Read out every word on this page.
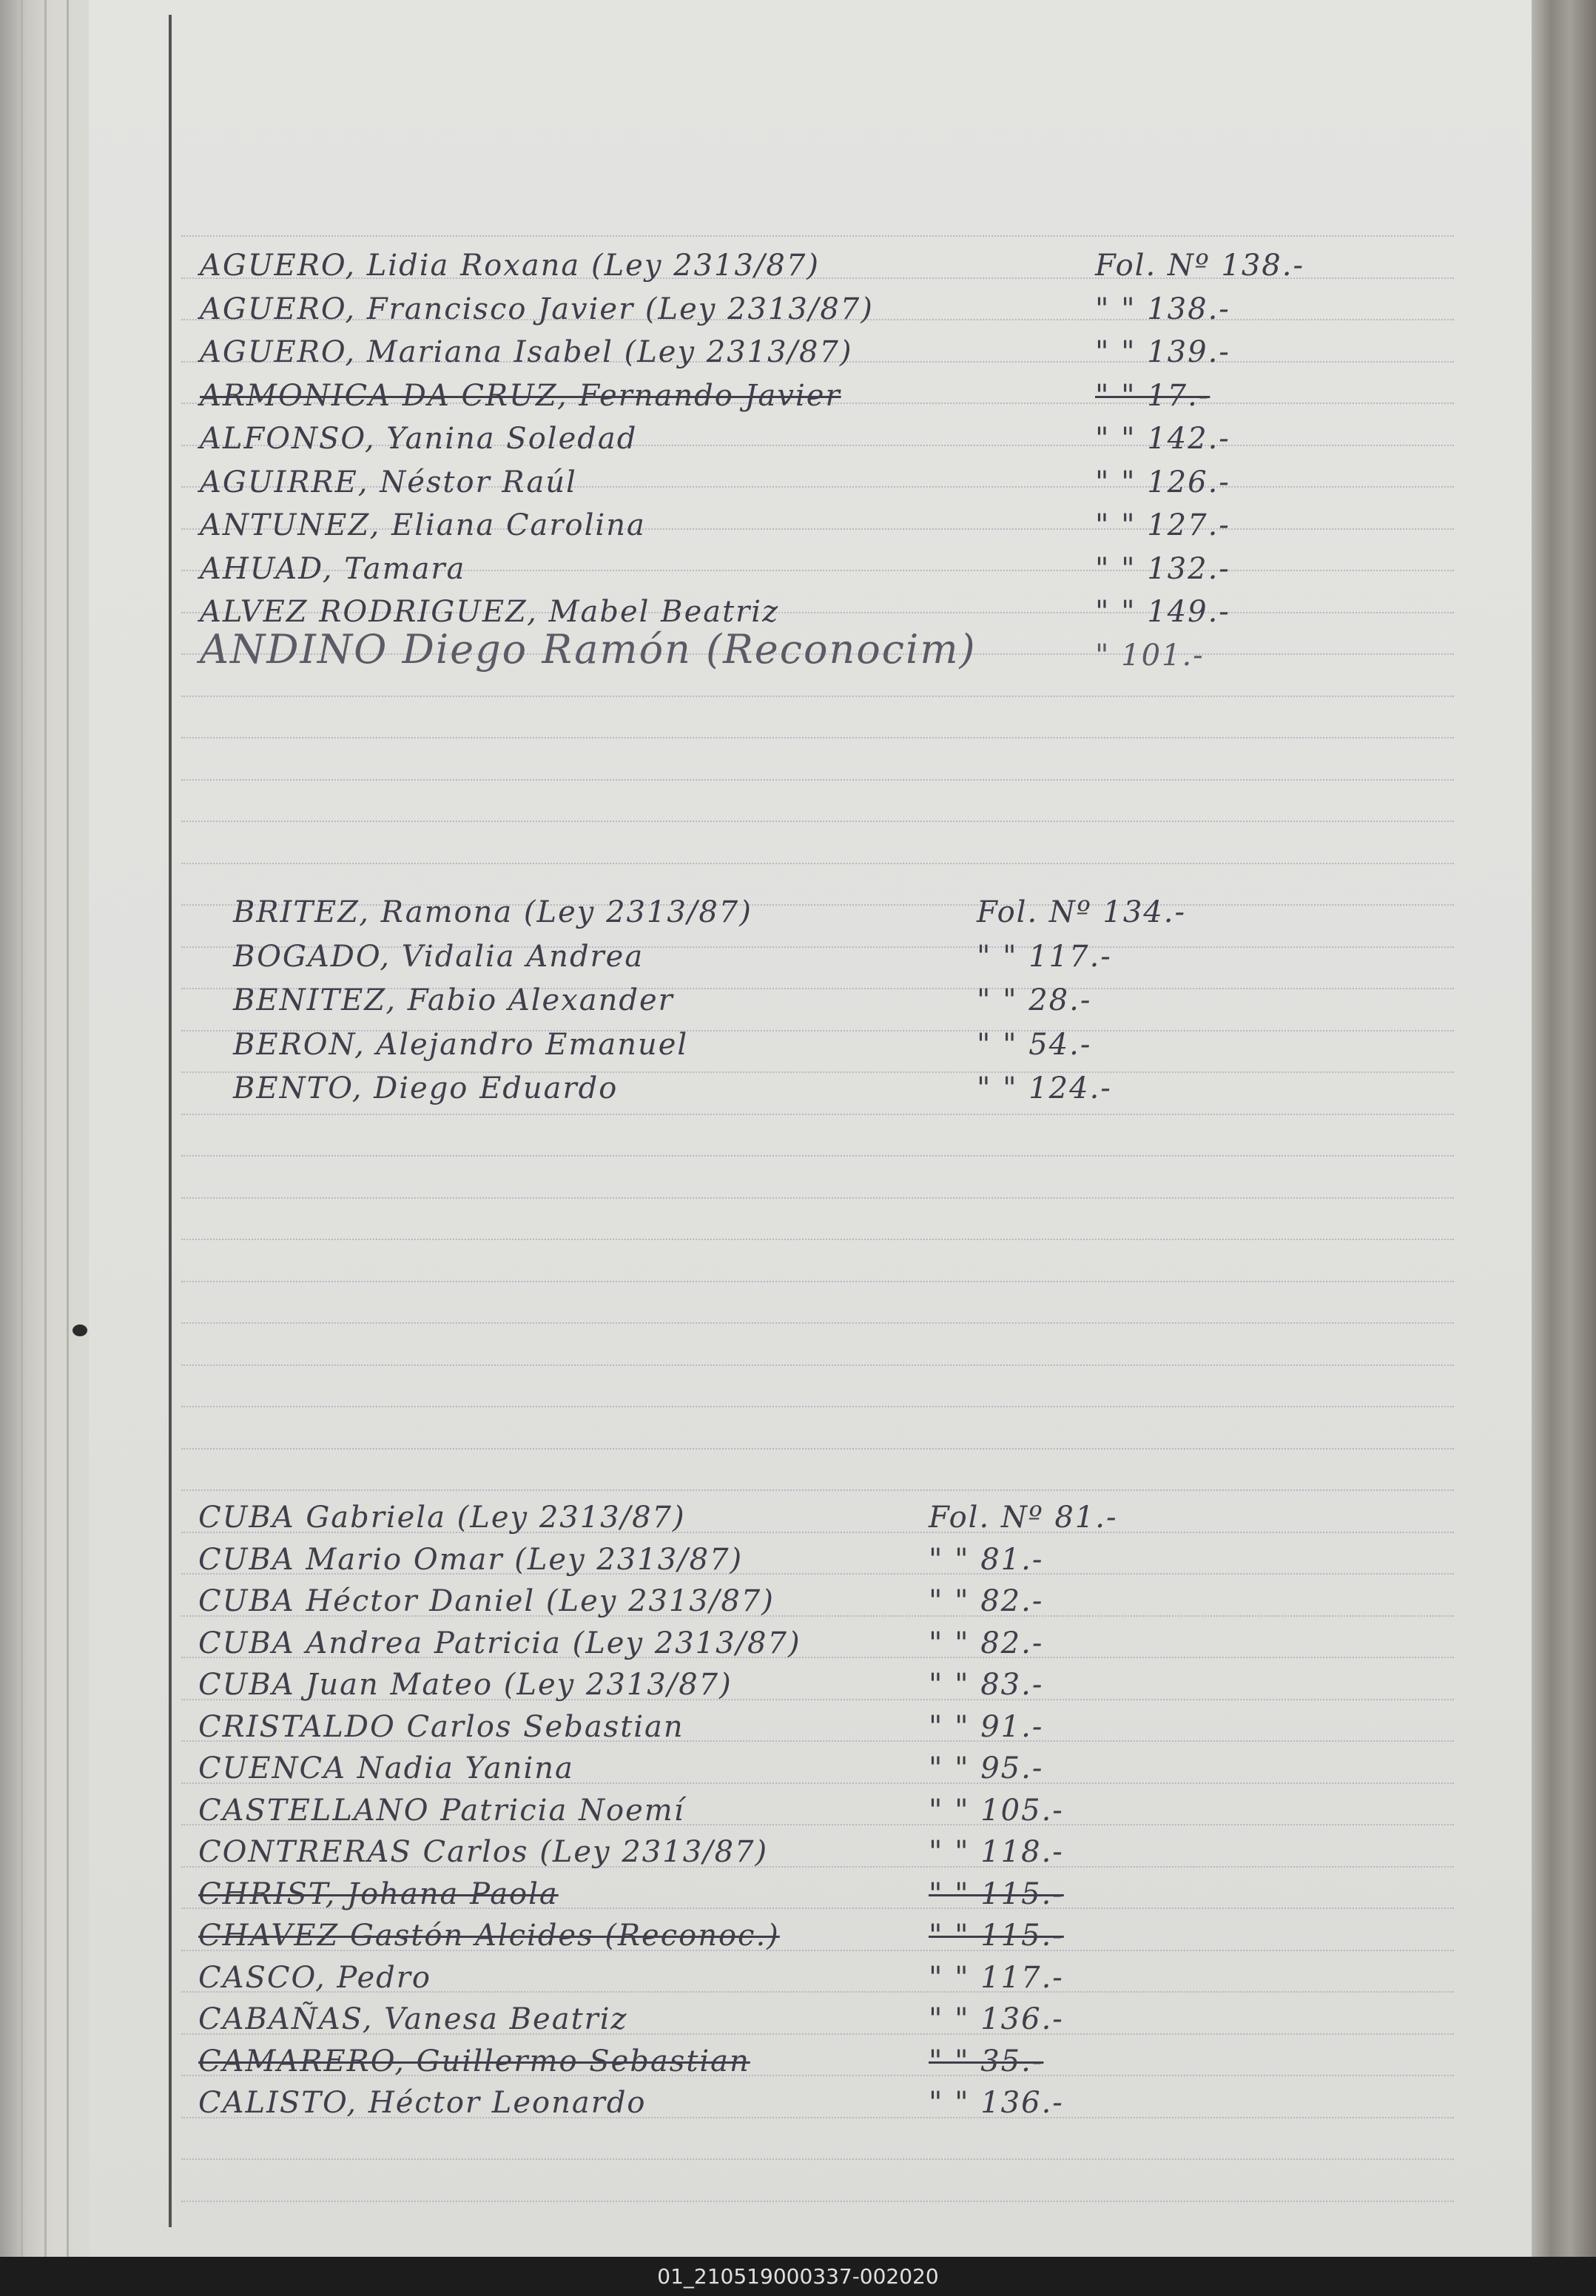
AGUERO, Lidia Roxana (Ley 2313/87)	Fol. Nº 138.-
AGUERO, Francisco Javier (Ley 2313/87)	" " 138.-
AGUERO, Mariana Isabel (Ley 2313/87)	" " 139.-
ARMONICA DA CRUZ, Fernando Javier	" " 17.-
ALFONSO, Yanina Soledad	" " 142.-
AGUIRRE, Néstor Raúl	" " 126.-
ANTUNEZ, Eliana Carolina	" " 127.-
AHUAD, Tamara	" " 132.-
ALVEZ RODRIGUEZ, Mabel Beatriz	" " 149.-
ANDINO Diego Ramón (Reconocim)	" 101.-
BRITEZ, Ramona (Ley 2313/87)	Fol. Nº 134.-
BOGADO, Vidalia Andrea	" " 117.-
BENITEZ, Fabio Alexander	" " 28.-
BERON, Alejandro Emanuel	" " 54.-
BENTO, Diego Eduardo	" " 124.-
CUBA Gabriela (Ley 2313/87)	Fol. Nº 81.-
CUBA Mario Omar (Ley 2313/87)	" " 81.-
CUBA Héctor Daniel (Ley 2313/87)	" " 82.-
CUBA Andrea Patricia (Ley 2313/87)	" " 82.-
CUBA Juan Mateo (Ley 2313/87)	" " 83.-
CRISTALDO Carlos Sebastian	" " 91.-
CUENCA Nadia Yanina	" " 95.-
CASTELLANO Patricia Noemí	" " 105.-
CONTRERAS Carlos (Ley 2313/87)	" " 118.-
CHRIST, Johana Paola	" " 115.-
CHAVEZ Gastón Alcides (Reconoc.)	" " 115.-
CASCO, Pedro	" " 117.-
CABAÑAS, Vanesa Beatriz	" " 136.-
CAMARERO, Guillermo Sebastian	" " 35.-
CALISTO, Héctor Leonardo	" " 136.-
01_210519000337-002020
